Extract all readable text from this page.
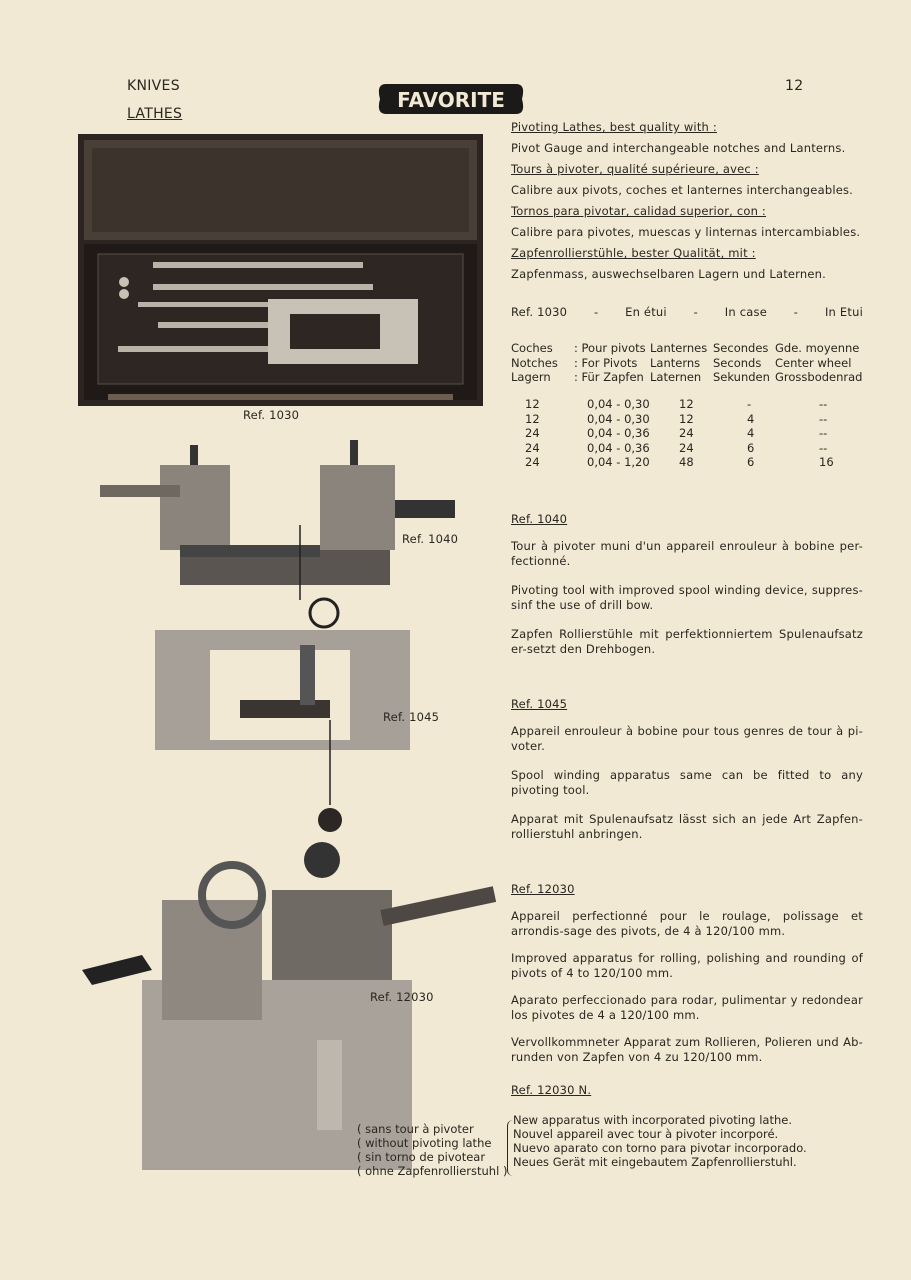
KNIVES
LATHES
FAVORITE
12
Ref. 1030
Ref. 1040
Ref. 1045
Ref. 12030
Pivoting Lathes, best quality with :
Pivot Gauge and interchangeable notches and Lanterns.
Tours à pivoter, qualité supérieure, avec :
Calibre aux pivots, coches et lanternes interchangeables.
Tornos para pivotar, calidad superior, con :
Calibre para pivotes, muescas y linternas intercambiables.
Zapfenrollierstühle, bester Qualität, mit :
Zapfenmass, auswechselbaren Lagern und Laternen.
Ref. 1030 - En étui - In case - In Etui
Coches	: Pour pivots	Lanternes	Secondes	Gde. moyenne
Notches	: For Pivots	Lanterns	Seconds	Center wheel
Lagern	: Für Zapfen	Laternen	Sekunden	Grossbodenrad
12	0,04 - 0,30	12	-	--
12	0,04 - 0,30	12	4	--
24	0,04 - 0,36	24	4	--
24	0,04 - 0,36	24	6	--
24	0,04 - 1,20	48	6	16
Ref. 1040
Tour à pivoter muni d'un appareil enrouleur à bobine per-fectionné.
Pivoting tool with improved spool winding device, suppres-sinf the use of drill bow.
Zapfen Rollierstühle mit perfektionniertem Spulenaufsatz er-setzt den Drehbogen.
Ref. 1045
Appareil enrouleur à bobine pour tous genres de tour à pi-voter.
Spool winding apparatus same can be fitted to any pivoting tool.
Apparat mit Spulenaufsatz lässt sich an jede Art Zapfen-rollierstuhl anbringen.
Ref. 12030
Appareil perfectionné pour le roulage, polissage et arrondis-sage des pivots, de 4 à 120/100 mm.
Improved apparatus for rolling, polishing and rounding of pivots of 4 to 120/100 mm.
Aparato perfeccionado para rodar, pulimentar y redondear los pivotes de 4 a 120/100 mm.
Vervollkommneter Apparat zum Rollieren, Polieren und Ab-runden von Zapfen von 4 zu 120/100 mm.
Ref. 12030 N.
( sans tour à pivoter
( without pivoting lathe
( sin torno de pivotear
( ohne Zapfenrollierstuhl )
New apparatus with incorporated pivoting lathe.
Nouvel appareil avec tour à pivoter incorporé.
Nuevo aparato con torno para pivotar incorporado.
Neues Gerät mit eingebautem Zapfenrollierstuhl.
